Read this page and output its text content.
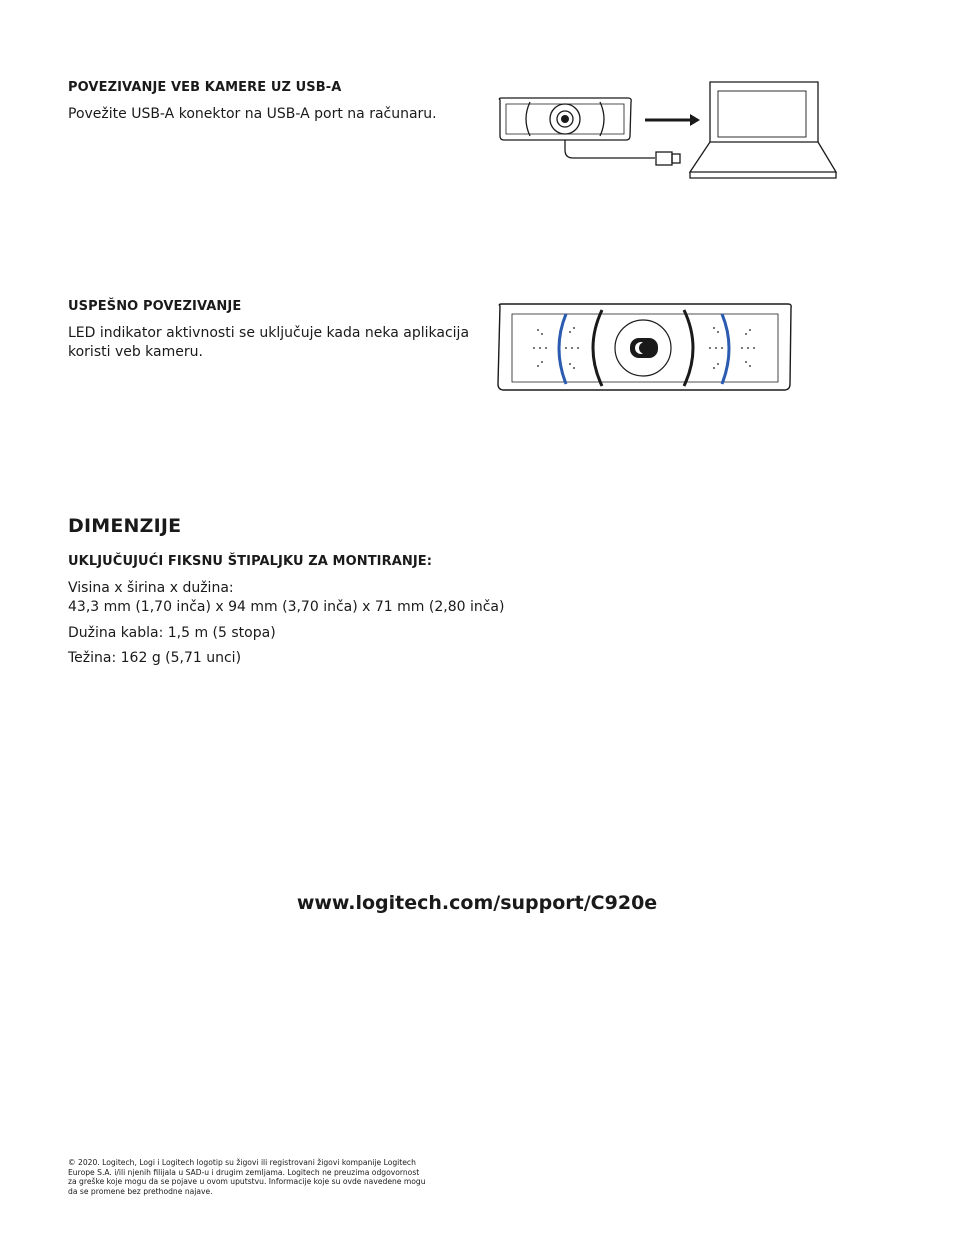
POVEZIVANJE VEB KAMERE UZ USB-A

Povežite USB-A konektor na USB-A port na računaru.

USPEŠNO POVEZIVANJE

LED indikator aktivnosti se uključuje kada neka aplikacija

koristi veb kameru.

DIMENZIJE
UKLJUČUJUĆI FIKSNU ŠTIPALJKU ZA MONTIRANJE:

Visina x širina x dužina:

43,3 mm (1,70 inča) x 94 mm (3,70 inča) x 71 mm (2,80 inča)

Dužina kabla: 1,5 m (5 stopa)

Težina: 162 g (5,71 unci)

www.logitech.com/support/C920e
© 2020. Logitech, Logi i Logitech logotip su žigovi ili registrovani žigovi kompanije Logitech
Europe S.A. i/ili njenih filijala u SAD-u i drugim zemljama. Logitech ne preuzima odgovornost
za greške koje mogu da se pojave u ovom uputstvu. Informacije koje su ovde navedene mogu
da se promene bez prethodne najave.
